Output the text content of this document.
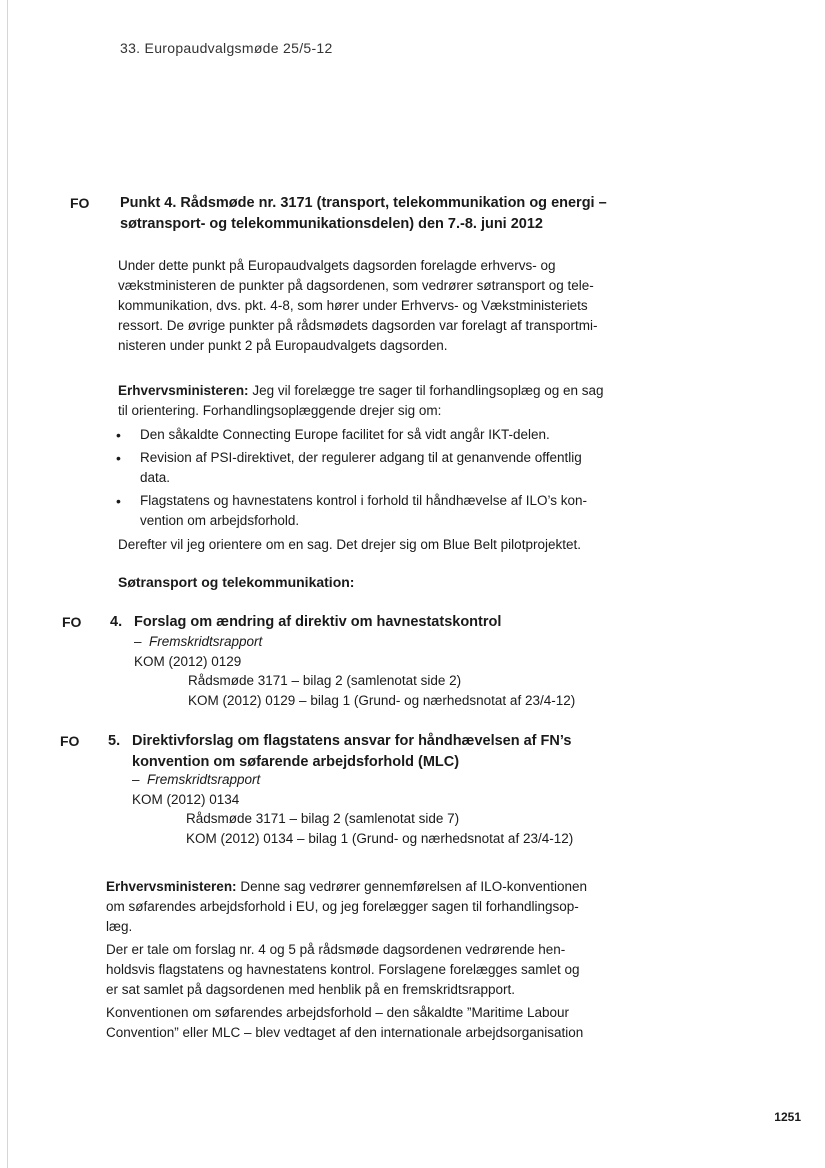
33. Europaudvalgsmøde 25/5-12
FO Punkt 4. Rådsmøde nr. 3171 (transport, telekommunikation og energi –
søtransport- og telekommunikationsdelen) den 7.-8. juni 2012
Under dette punkt på Europaudvalgets dagsorden forelagde erhvervs- og
vækstministeren de punkter på dagsordenen, som vedrører søtransport og tele-
kommunikation, dvs. pkt. 4-8, som hører under Erhvervs- og Vækstministeriets
ressort. De øvrige punkter på rådsmødets dagsorden var forelagt af transportmi-
nisteren under punkt 2 på Europaudvalgets dagsorden.
Erhvervsministeren: Jeg vil forelægge tre sager til forhandlingsoplæg og en sag
til orientering. Forhandlingsoplæggende drejer sig om:
• Den såkaldte Connecting Europe facilitet for så vidt angår IKT-delen.
• Revision af PSI-direktivet, der regulerer adgang til at genanvende offentlig
data.
• Flagstatens og havnestatens kontrol i forhold til håndhævelse af ILO’s kon-
vention om arbejdsforhold.
Derefter vil jeg orientere om en sag. Det drejer sig om Blue Belt pilotprojektet.
Søtransport og telekommunikation:
FO 4. Forslag om ændring af direktiv om havnestatskontrol
– Fremskridtsrapport
KOM (2012) 0129
Rådsmøde 3171 – bilag 2 (samlenotat side 2)
KOM (2012) 0129 – bilag 1 (Grund- og nærhedsnotat af 23/4-12)
FO 5. Direktivforslag om flagstatens ansvar for håndhævelsen af FN’s
konvention om søfarende arbejdsforhold (MLC)
– Fremskridtsrapport
KOM (2012) 0134
Rådsmøde 3171 – bilag 2 (samlenotat side 7)
KOM (2012) 0134 – bilag 1 (Grund- og nærhedsnotat af 23/4-12)
Erhvervsministeren: Denne sag vedrører gennemførelsen af ILO-konventionen
om søfarendes arbejdsforhold i EU, og jeg forelægger sagen til forhandlingsop-
læg.
Der er tale om forslag nr. 4 og 5 på rådsmøde dagsordenen vedrørende hen-
holdsvis flagstatens og havnestatens kontrol. Forslagene forelægges samlet og
er sat samlet på dagsordenen med henblik på en fremskridtsrapport.
Konventionen om søfarendes arbejdsforhold – den såkaldte ”Maritime Labour
Convention” eller MLC – blev vedtaget af den internationale arbejdsorganisation
1251
